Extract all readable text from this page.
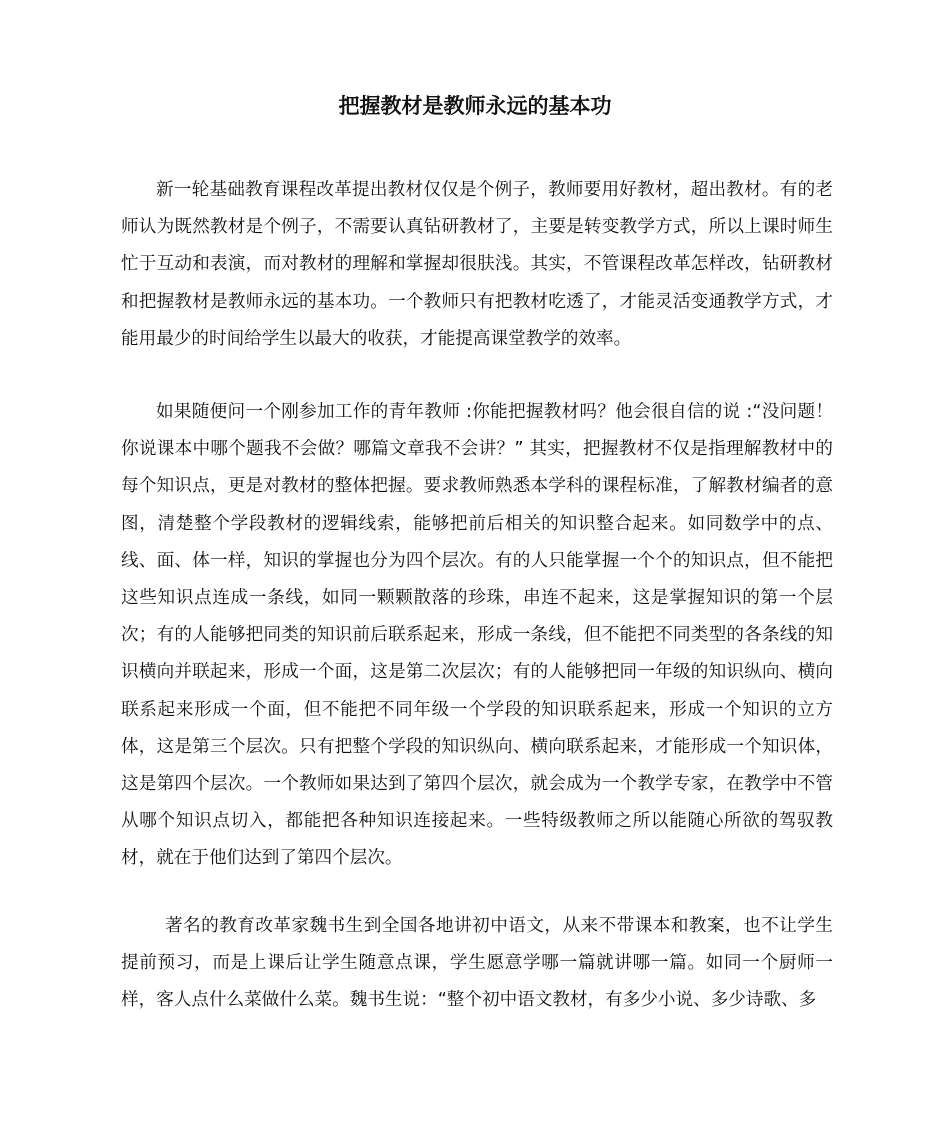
把握教材是教师永远的基本功

新一轮基础教育课程改革提出教材仅仅是个例子，教师要用好教材，超出教材。有的老师认为既然教材是个例子，不需要认真钻研教材了，主要是转变教学方式，所以上课时师生忙于互动和表演，而对教材的理解和掌握却很肤浅。其实，不管课程改革怎样改，钻研教材和把握教材是教师永远的基本功。一个教师只有把教材吃透了，才能灵活变通教学方式，才能用最少的时间给学生以最大的收获，才能提高课堂教学的效率。

如果随便问一个刚参加工作的青年教师 :你能把握教材吗？他会很自信的说 :“没问题！你说课本中哪个题我不会做？哪篇文章我不会讲？” 其实，把握教材不仅是指理解教材中的每个知识点，更是对教材的整体把握。要求教师熟悉本学科的课程标准，了解教材编者的意图，清楚整个学段教材的逻辑线索，能够把前后相关的知识整合起来。如同数学中的点、线、面、体一样，知识的掌握也分为四个层次。有的人只能掌握一个个的知识点，但不能把这些知识点连成一条线，如同一颗颗散落的珍珠，串连不起来，这是掌握知识的第一个层次；有的人能够把同类的知识前后联系起来，形成一条线，但不能把不同类型的各条线的知识横向并联起来，形成一个面，这是第二次层次；有的人能够把同一年级的知识纵向、横向联系起来形成一个面，但不能把不同年级一个学段的知识联系起来，形成一个知识的立方体，这是第三个层次。只有把整个学段的知识纵向、横向联系起来，才能形成一个知识体，这是第四个层次。一个教师如果达到了第四个层次，就会成为一个教学专家，在教学中不管从哪个知识点切入，都能把各种知识连接起来。一些特级教师之所以能随心所欲的驾驭教材，就在于他们达到了第四个层次。

著名的教育改革家魏书生到全国各地讲初中语文，从来不带课本和教案，也不让学生提前预习，而是上课后让学生随意点课，学生愿意学哪一篇就讲哪一篇。如同一个厨师一样，客人点什么菜做什么菜。魏书生说：“整个初中语文教材，有多少小说、多少诗歌、多
